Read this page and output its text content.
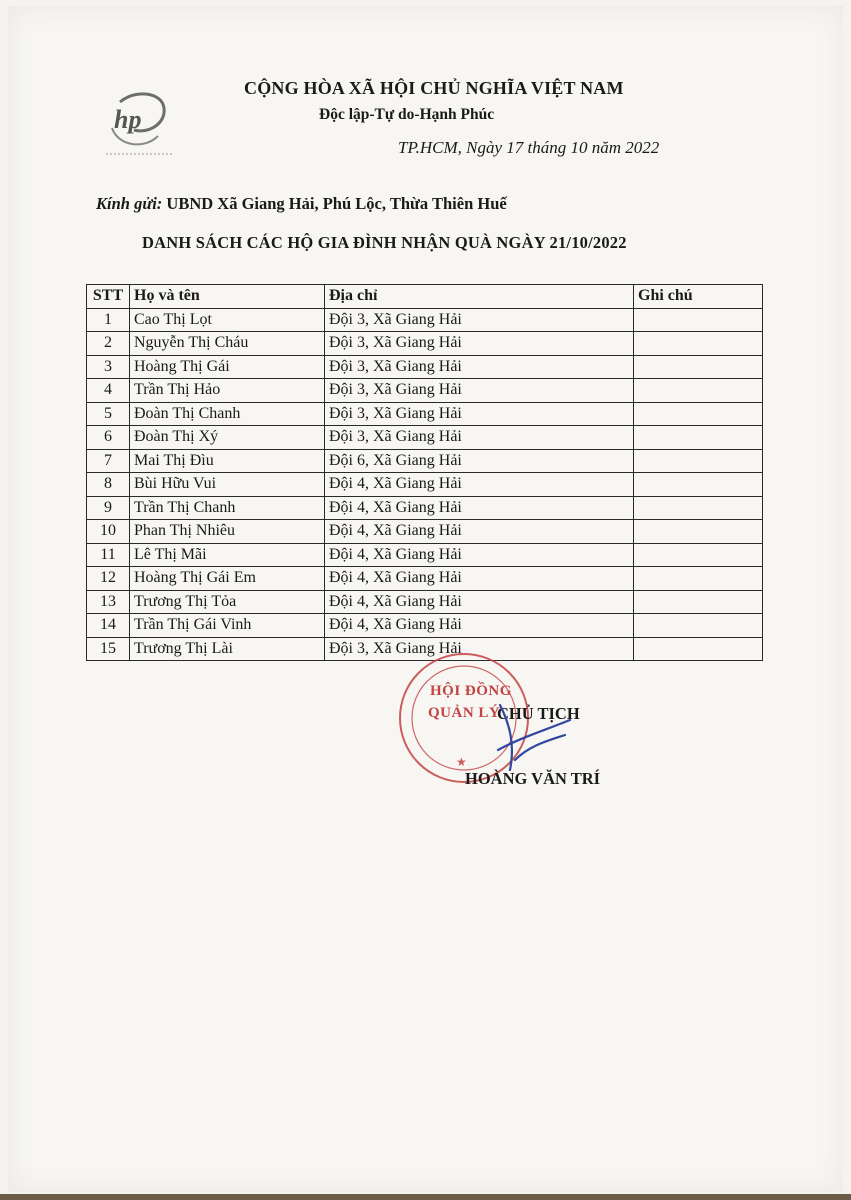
hp
CỘNG HÒA XÃ HỘI CHỦ NGHĨA VIỆT NAM
Độc lập-Tự do-Hạnh Phúc
TP.HCM, Ngày 17 tháng 10 năm 2022
Kính gửi: UBND Xã Giang Hải, Phú Lộc, Thừa Thiên Huế
DANH SÁCH CÁC HỘ GIA ĐÌNH NHẬN QUÀ NGÀY 21/10/2022
STT	Họ và tên	Địa chỉ	Ghi chú
1	Cao Thị Lọt	Đội 3, Xã Giang Hải	
2	Nguyễn Thị Cháu	Đội 3, Xã Giang Hải	
3	Hoàng Thị Gái	Đội 3, Xã Giang Hải	
4	Trần Thị Hảo	Đội 3, Xã Giang Hải	
5	Đoàn Thị Chanh	Đội 3, Xã Giang Hải	
6	Đoàn Thị Xý	Đội 3, Xã Giang Hải	
7	Mai Thị Đìu	Đội 6, Xã Giang Hải	
8	Bùi Hữu Vui	Đội 4, Xã Giang Hải	
9	Trần Thị Chanh	Đội 4, Xã Giang Hải	
10	Phan Thị Nhiêu	Đội 4, Xã Giang Hải	
11	Lê Thị Mãi	Đội 4, Xã Giang Hải	
12	Hoàng Thị Gái Em	Đội 4, Xã Giang Hải	
13	Trương Thị Tỏa	Đội 4, Xã Giang Hải	
14	Trần Thị Gái Vinh	Đội 4, Xã Giang Hải	
15	Trương Thị Lài	Đội 3, Xã Giang Hải	
★
HỘI ĐỒNG
QUẢN LÝ
CHỦ TỊCH
HOÀNG VĂN TRÍ
